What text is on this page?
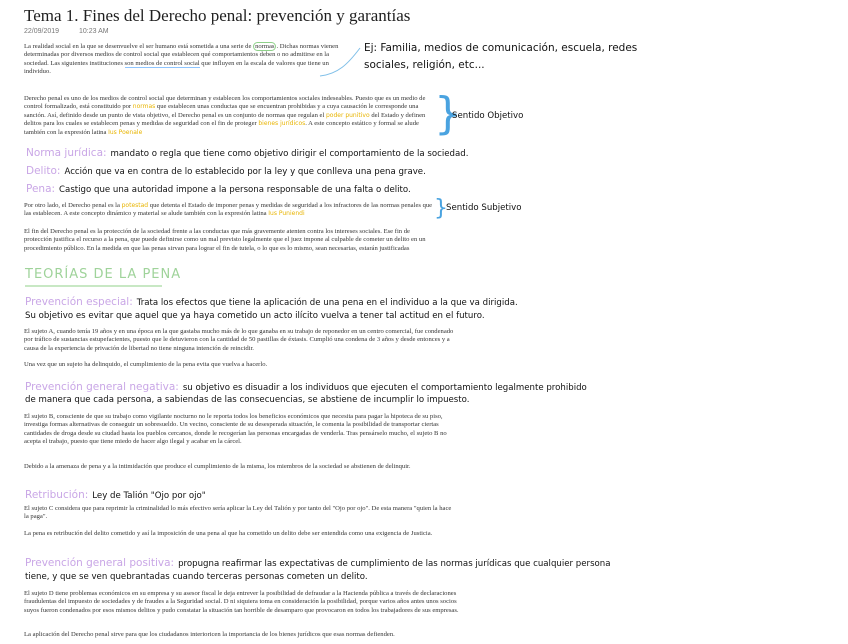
Tema 1. Fines del Derecho penal: prevención y garantías
22/09/2019	10:23 AM
La realidad social en la que se desenvuelve el ser humano está sometida a una serie de normas . Dichas normas vienen determinadas por diversos medios de control social que establecen qué comportamientos deben o no admitirse en la sociedad. Las siguientes instituciones son medios de control social que influyen en la escala de valores que tiene un individuo.
Ej: Familia, medios de comunicación, escuela, redes sociales, religión, etc...
Derecho penal es uno de los medios de control social que determinan y establecen los comportamientos sociales indeseables. Puesto que es un medio de control formalizado, está constituido por normas que establecen unas conductas que se encuentran prohibidas y a cuya causación le corresponde una sanción. Así, definido desde un punto de vista objetivo, el Derecho penal es un conjunto de normas que regulan el poder punitivo del Estado y definen delitos para los cuales se establecen penas y medidas de seguridad con el fin de proteger bienes jurídicos. A este concepto estático y formal se alude también con la expresión latina Ius Poenale	}
Sentido Objetivo
Norma jurídica: mandato o regla que tiene como objetivo dirigir el comportamiento de la sociedad.
Delito: Acción que va en contra de lo establecido por la ley y que conlleva una pena grave.
Pena: Castigo que una autoridad impone a la persona responsable de una falta o delito.
Por otro lado, el Derecho penal es la potestad que detenta el Estado de imponer penas y medidas de seguridad a los infractores de las normas penales que las establecen. A este concepto dinámico y material se alude también con la expresión latina Ius Puniendi	}
Sentido Subjetivo
El fin del Derecho penal es la protección de la sociedad frente a las conductas que más gravemente atenten contra los intereses sociales. Ese fin de protección justifica el recurso a la pena, que puede definirse como un mal previsto legalmente que el juez impone al culpable de cometer un delito en un procedimiento público. En la medida en que las penas sirvan para lograr el fin de tutela, o lo que es lo mismo, sean necesarias, estarán justificadas
TEORÍAS DE LA PENA
Prevención especial: Trata los efectos que tiene la aplicación de una pena en el individuo a la que va dirigida.
Su objetivo es evitar que aquel que ya haya cometido un acto ilícito vuelva a tener tal actitud en el futuro.
El sujeto A, cuando tenía 19 años y en una época en la que gastaba mucho más de lo que ganaba en su trabajo de reponedor en un centro comercial, fue condenado por tráfico de sustancias estupefacientes, puesto que le detuvieron con la cantidad de 50 pastillas de éxtasis. Cumplió una condena de 3 años y desde entonces y a causa de la experiencia de privación de libertad no tiene ninguna intención de reincidir.
Una vez que un sujeto ha delinquido, el cumplimiento de la pena evita que vuelva a hacerlo.
Prevención general negativa: su objetivo es disuadir a los individuos que ejecuten el comportamiento legalmente prohibido
de manera que cada persona, a sabiendas de las consecuencias, se abstiene de incumplir lo impuesto.
El sujeto B, consciente de que su trabajo como vigilante nocturno no le reporta todos los beneficios económicos que necesita para pagar la hipoteca de su piso, investiga formas alternativas de conseguir un sobresueldo. Un vecino, consciente de su desesperada situación, le comenta la posibilidad de transportar ciertas cantidades de droga desde su ciudad hasta los pueblos cercanos, donde le recogerían las personas encargadas de venderla. Tras pensárselo mucho, el sujeto B no acepta el trabajo, puesto que tiene miedo de hacer algo ilegal y acabar en la cárcel.
Debido a la amenaza de pena y a la intimidación que produce el cumplimiento de la misma, los miembros de la sociedad se abstienen de delinquir.
Retribución: Ley de Talión "Ojo por ojo"
El sujeto C considera que para reprimir la criminalidad lo más efectivo sería aplicar la Ley del Talión y por tanto del "Ojo por ojo". De esta manera "quien la hace la paga".
La pena es retribución del delito cometido y así la imposición de una pena al que ha cometido un delito debe ser entendida como una exigencia de Justicia.
Prevención general positiva: propugna reafirmar las expectativas de cumplimiento de las normas jurídicas que cualquier persona
tiene, y que se ven quebrantadas cuando terceras personas cometen un delito.
El sujeto D tiene problemas económicos en su empresa y su asesor fiscal le deja entrever la posibilidad de defraudar a la Hacienda pública a través de declaraciones fraudulentas del impuesto de sociedades y de fraudes a la Seguridad social. D ni siquiera toma en consideración la posibilidad, porque varios años antes unos socios suyos fueron condenados por esos mismos delitos y pudo constatar la situación tan horrible de desamparo que provocaron en todos los trabajadores de sus empresas.
La aplicación del Derecho penal sirve para que los ciudadanos interioricen la importancia de los bienes jurídicos que esas normas defienden.
